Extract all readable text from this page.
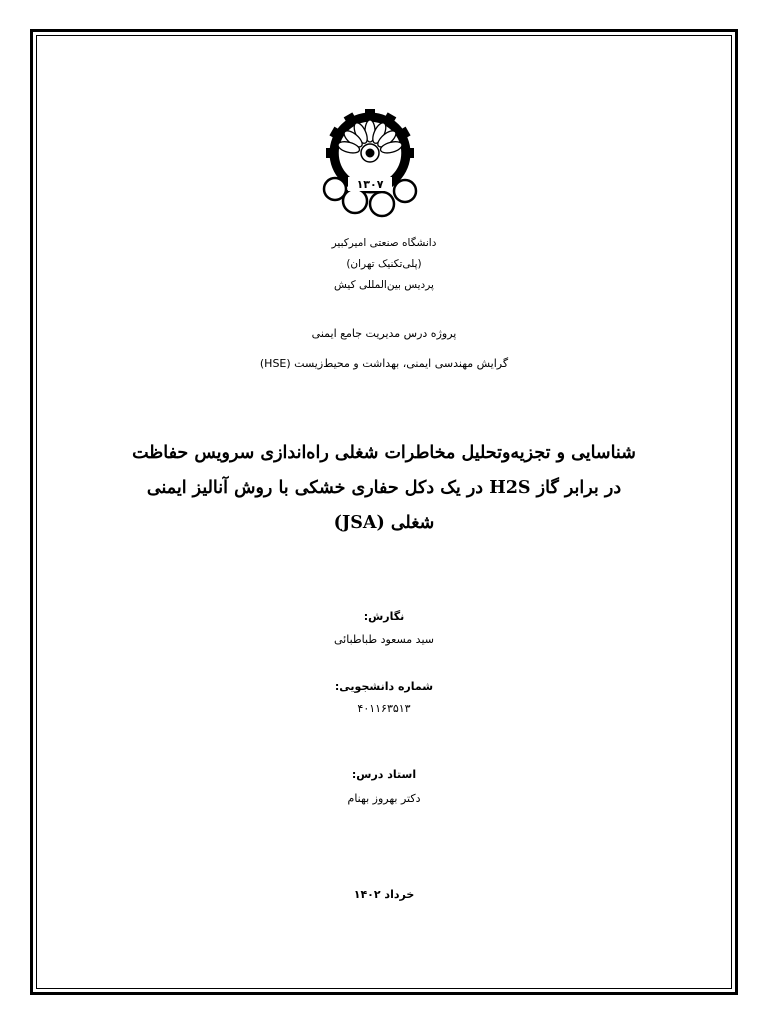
۱۳۰۷
دانشگاه صنعتی امیرکبیر
(پلی‌تکنیک تهران)
پردیس بین‌المللی کیش
پروژه درس مدیریت جامع ایمنی
گرایش مهندسی ایمنی، بهداشت و محیط‌زیست (HSE)
شناسایی و تجزیه‌وتحلیل مخاطرات شغلی راه‌اندازی سرویس حفاظت
در برابر گاز H2S در یک دکل حفاری خشکی با روش آنالیز ایمنی
شغلی (JSA)
نگارش:
سید مسعود طباطبائی
شماره دانشجویی:
۴۰۱۱۶۳۵۱۳
استاد درس:
دکتر بهروز بهنام
خرداد ۱۴۰۲
